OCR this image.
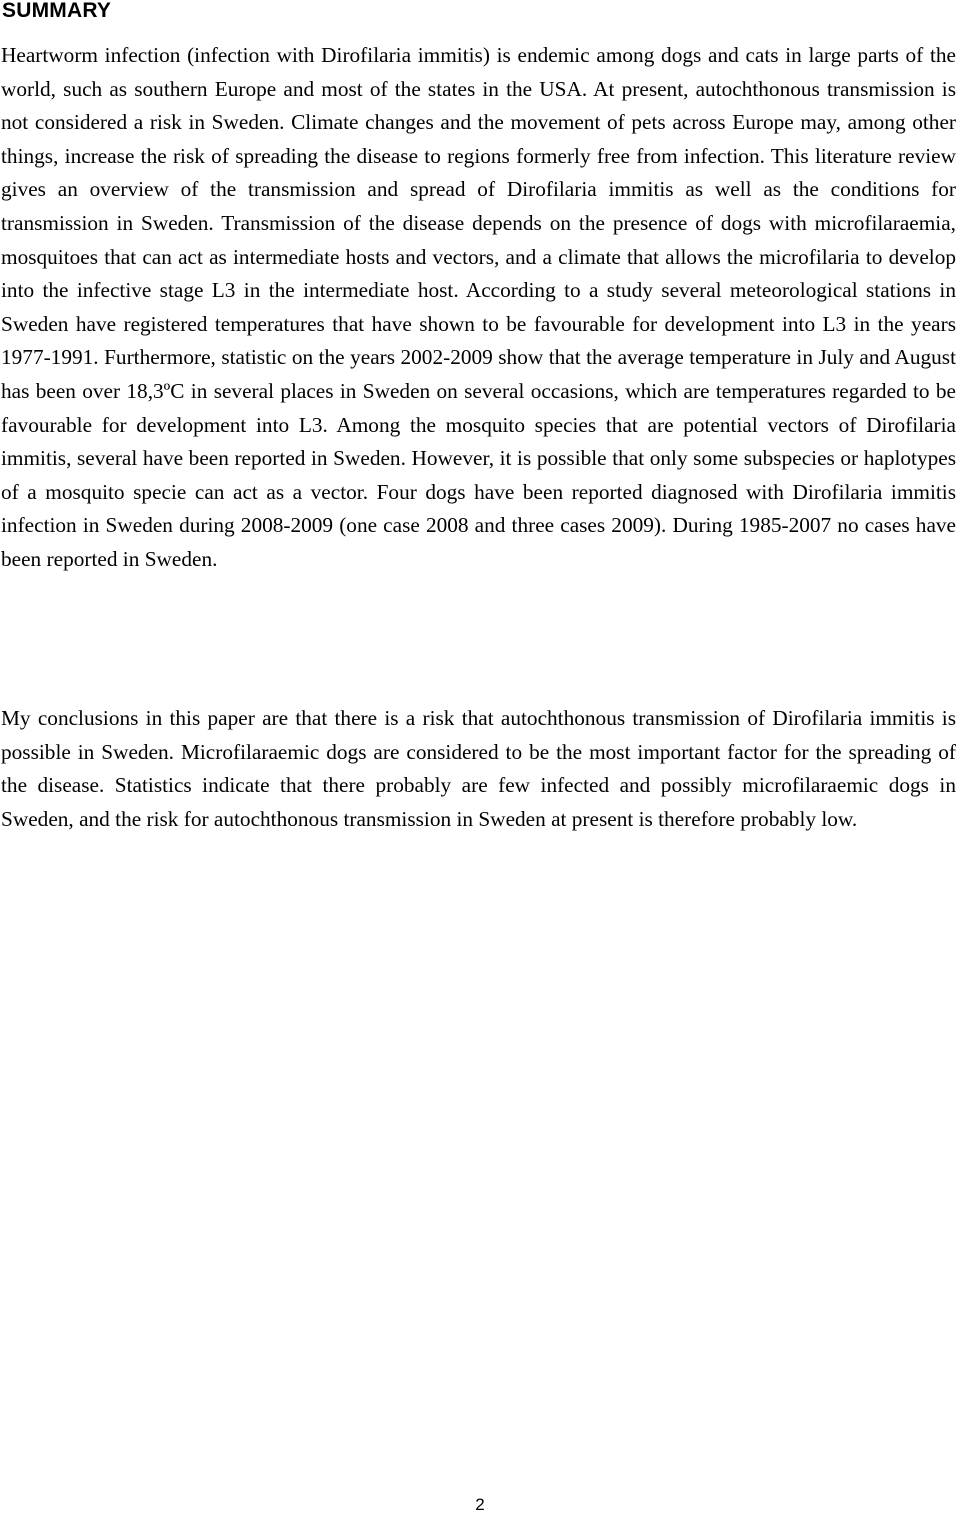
SUMMARY

Heartworm infection (infection with Dirofilaria immitis) is endemic among dogs and cats in large parts of the world, such as southern Europe and most of the states in the USA. At present, autochthonous transmission is not considered a risk in Sweden. Climate changes and the movement of pets across Europe may, among other things, increase the risk of spreading the disease to regions formerly free from infection. This literature review gives an overview of the transmission and spread of Dirofilaria immitis as well as the conditions for transmission in Sweden. Transmission of the disease depends on the presence of dogs with microfilaraemia, mosquitoes that can act as intermediate hosts and vectors, and a climate that allows the microfilaria to develop into the infective stage L3 in the intermediate host. According to a study several meteorological stations in Sweden have registered temperatures that have shown to be favourable for development into L3 in the years 1977-1991. Furthermore, statistic on the years 2002-2009 show that the average temperature in July and August has been over 18,3ºC in several places in Sweden on several occasions, which are temperatures regarded to be favourable for development into L3. Among the mosquito species that are potential vectors of Dirofilaria immitis, several have been reported in Sweden. However, it is possible that only some subspecies or haplotypes of a mosquito specie can act as a vector. Four dogs have been reported diagnosed with Dirofilaria immitis infection in Sweden during 2008-2009 (one case 2008 and three cases 2009). During 1985-2007 no cases have been reported in Sweden.

My conclusions in this paper are that there is a risk that autochthonous transmission of Dirofilaria immitis is possible in Sweden. Microfilaraemic dogs are considered to be the most important factor for the spreading of the disease. Statistics indicate that there probably are few infected and possibly microfilaraemic dogs in Sweden, and the risk for autochthonous transmission in Sweden at present is therefore probably low.

2
